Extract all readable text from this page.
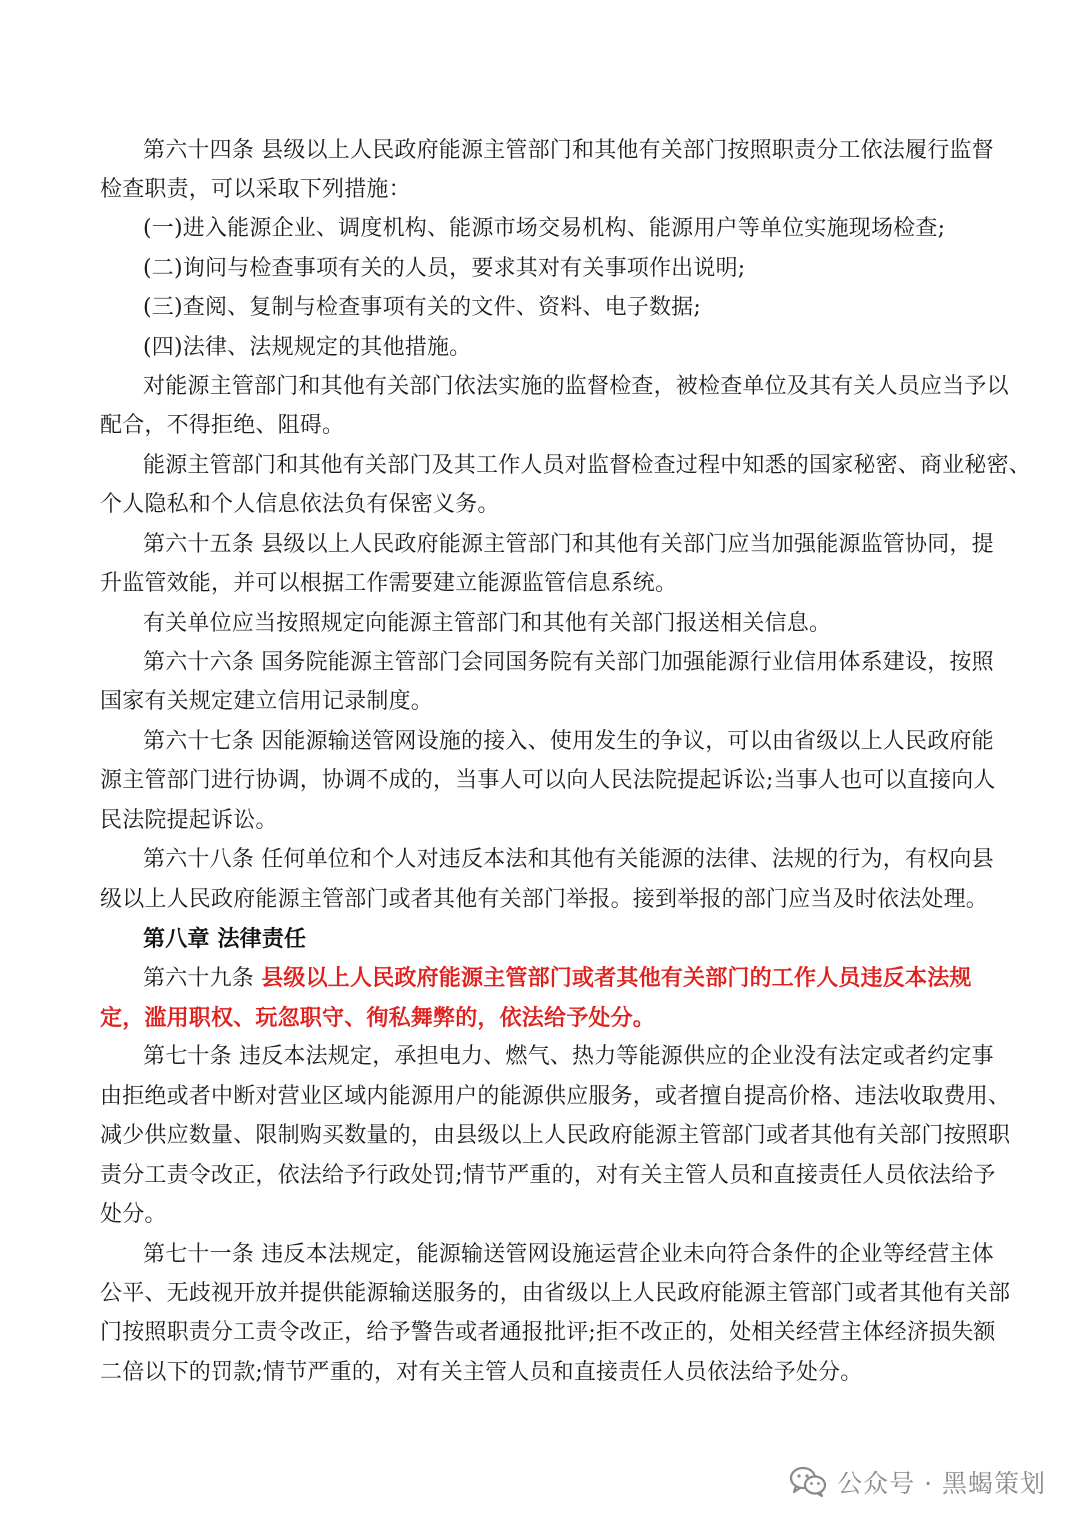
第六十四条 县级以上人民政府能源主管部门和其他有关部门按照职责分工依法履行监督
检查职责，可以采取下列措施：
(一)进入能源企业、调度机构、能源市场交易机构、能源用户等单位实施现场检查;
(二)询问与检查事项有关的人员，要求其对有关事项作出说明;
(三)查阅、复制与检查事项有关的文件、资料、电子数据;
(四)法律、法规规定的其他措施。
对能源主管部门和其他有关部门依法实施的监督检查，被检查单位及其有关人员应当予以
配合，不得拒绝、阻碍。
能源主管部门和其他有关部门及其工作人员对监督检查过程中知悉的国家秘密、商业秘密、
个人隐私和个人信息依法负有保密义务。
第六十五条 县级以上人民政府能源主管部门和其他有关部门应当加强能源监管协同，提
升监管效能，并可以根据工作需要建立能源监管信息系统。
有关单位应当按照规定向能源主管部门和其他有关部门报送相关信息。
第六十六条 国务院能源主管部门会同国务院有关部门加强能源行业信用体系建设，按照
国家有关规定建立信用记录制度。
第六十七条 因能源输送管网设施的接入、使用发生的争议，可以由省级以上人民政府能
源主管部门进行协调，协调不成的，当事人可以向人民法院提起诉讼;当事人也可以直接向人
民法院提起诉讼。
第六十八条 任何单位和个人对违反本法和其他有关能源的法律、法规的行为，有权向县
级以上人民政府能源主管部门或者其他有关部门举报。接到举报的部门应当及时依法处理。
第八章 法律责任
第六十九条 县级以上人民政府能源主管部门或者其他有关部门的工作人员违反本法规
定，滥用职权、玩忽职守、徇私舞弊的，依法给予处分。
第七十条 违反本法规定，承担电力、燃气、热力等能源供应的企业没有法定或者约定事
由拒绝或者中断对营业区域内能源用户的能源供应服务，或者擅自提高价格、违法收取费用、
减少供应数量、限制购买数量的，由县级以上人民政府能源主管部门或者其他有关部门按照职
责分工责令改正，依法给予行政处罚;情节严重的，对有关主管人员和直接责任人员依法给予
处分。
第七十一条 违反本法规定，能源输送管网设施运营企业未向符合条件的企业等经营主体
公平、无歧视开放并提供能源输送服务的，由省级以上人民政府能源主管部门或者其他有关部
门按照职责分工责令改正，给予警告或者通报批评;拒不改正的，处相关经营主体经济损失额
二倍以下的罚款;情节严重的，对有关主管人员和直接责任人员依法给予处分。
公众号 · 黑蝎策划
